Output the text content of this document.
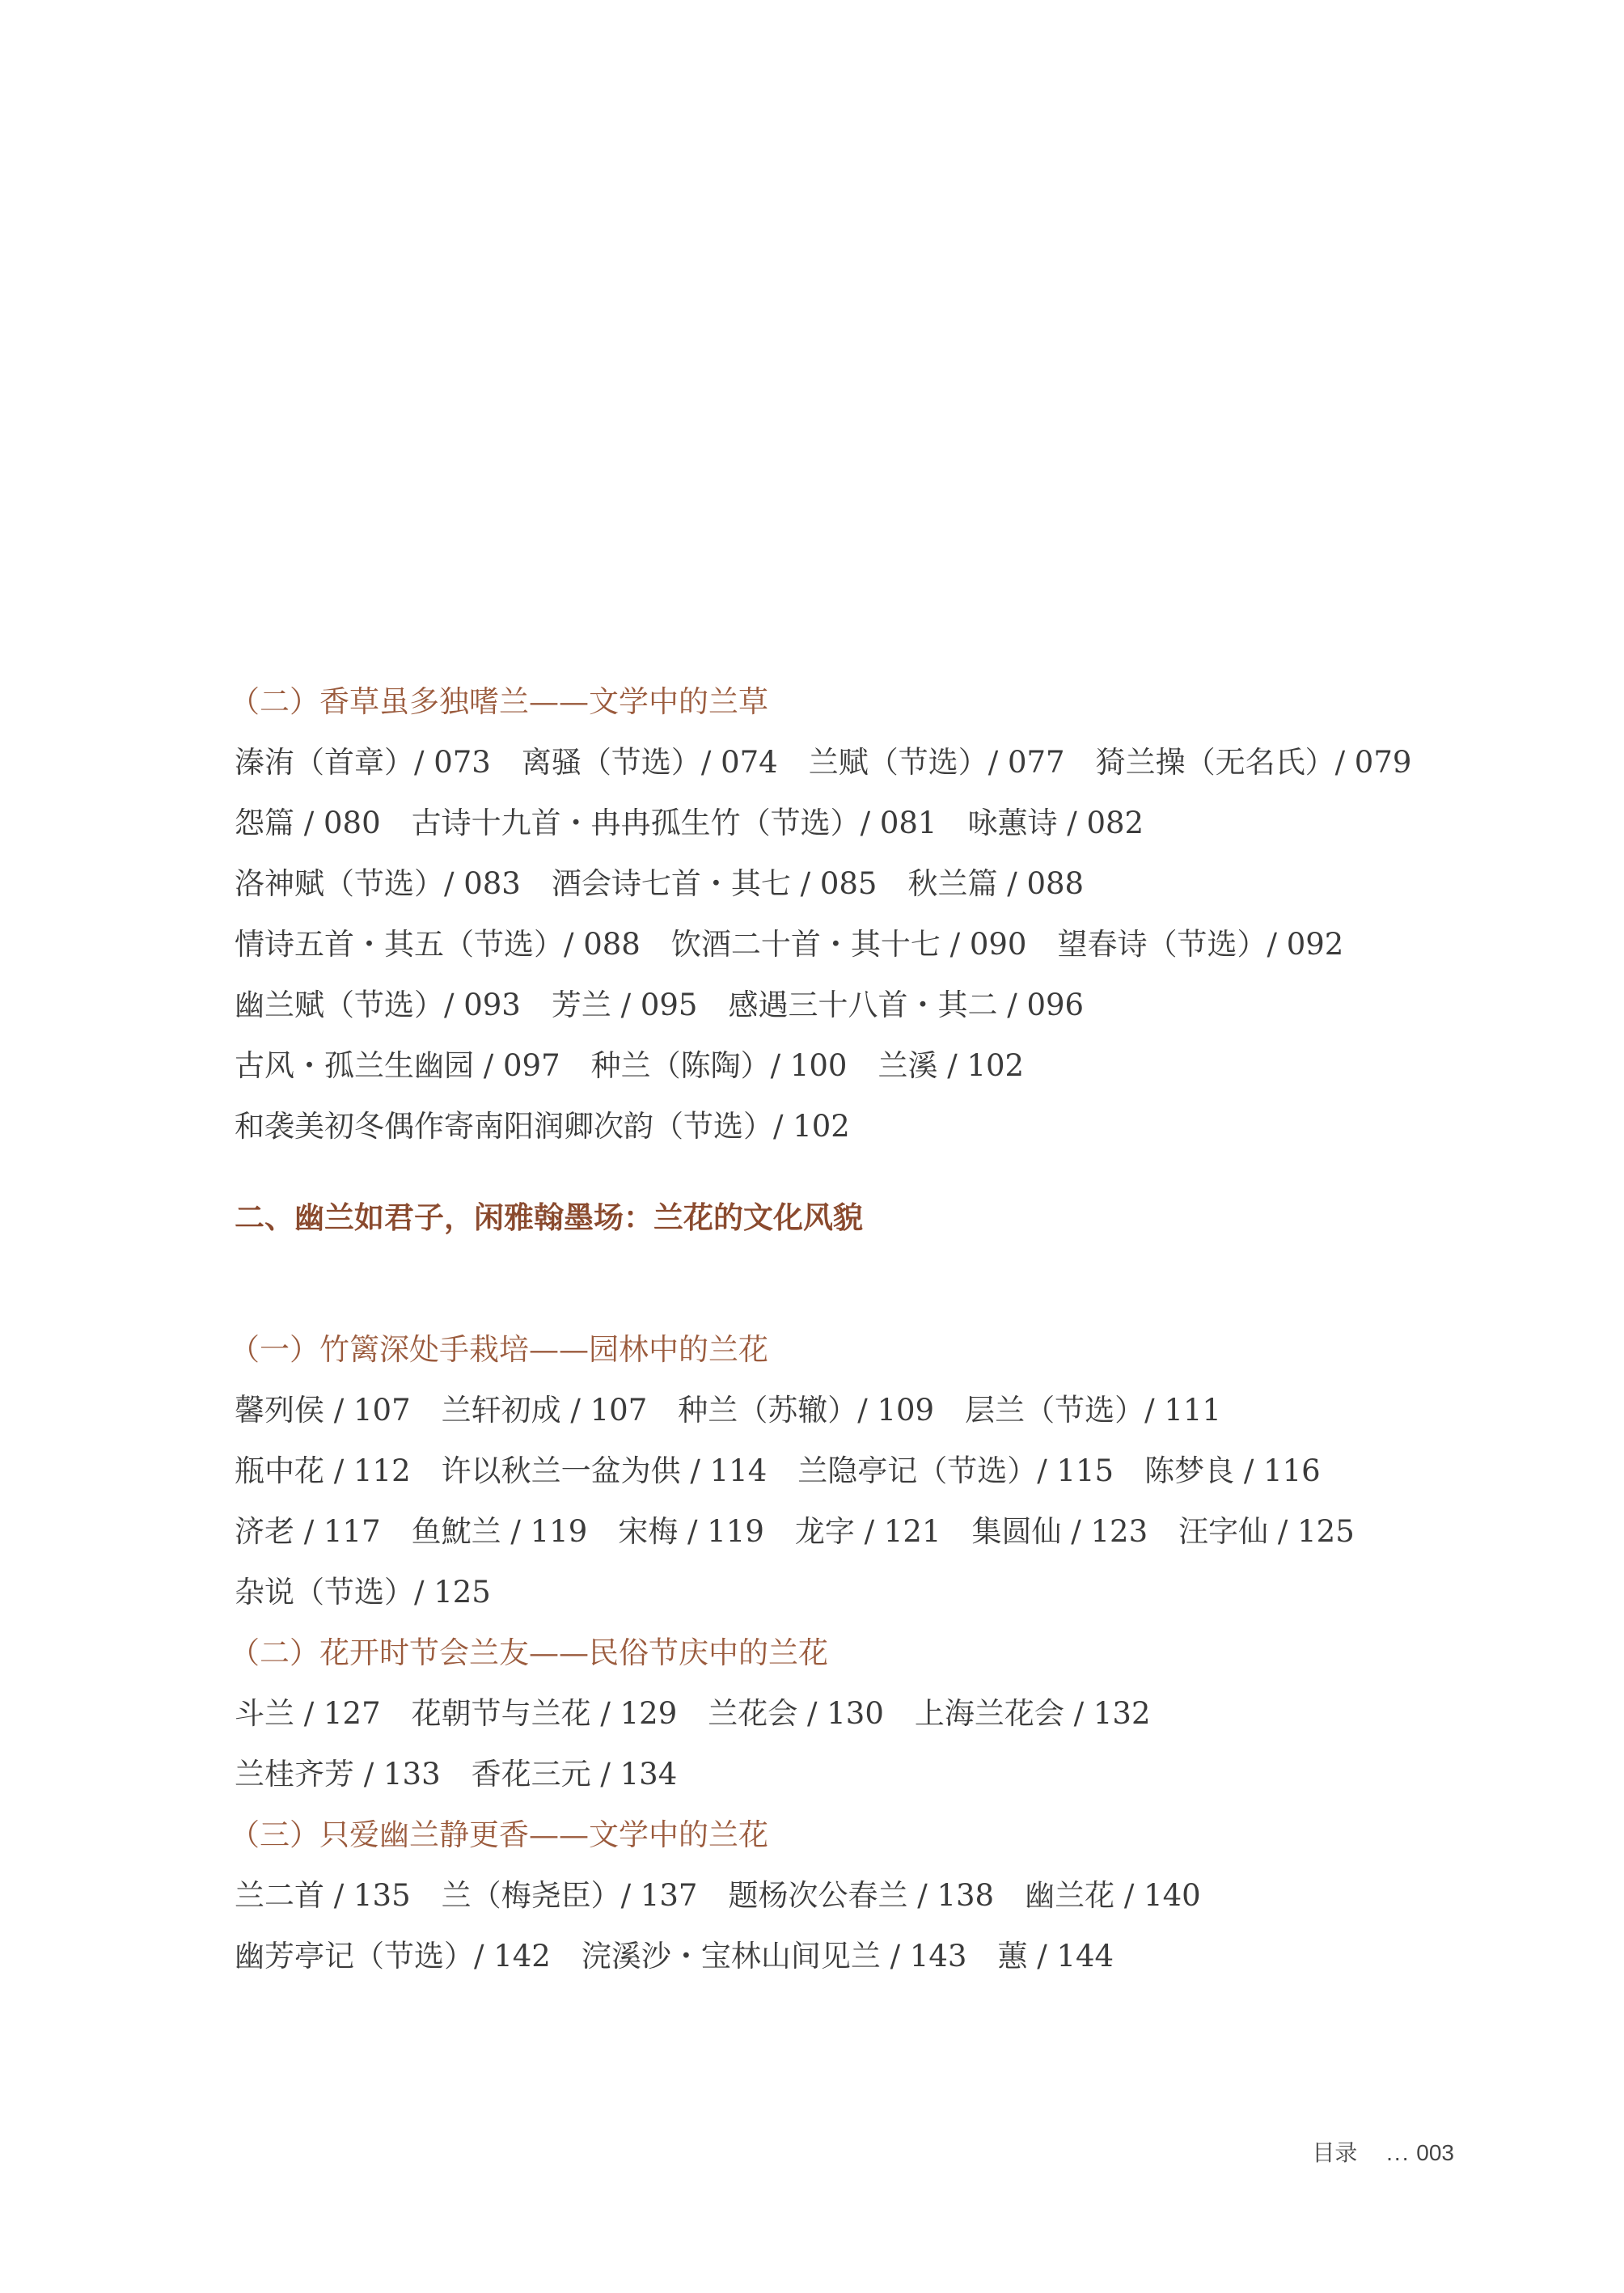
（二）香草虽多独嗜兰——文学中的兰草
溱洧（首章）/ 073 离骚（节选）/ 074 兰赋（节选）/ 077 猗兰操（无名氏）/ 079
怨篇 / 080 古诗十九首・冉冉孤生竹（节选）/ 081 咏蕙诗 / 082
洛神赋（节选）/ 083 酒会诗七首・其七 / 085 秋兰篇 / 088
情诗五首・其五（节选）/ 088 饮酒二十首・其十七 / 090 望春诗（节选）/ 092
幽兰赋（节选）/ 093 芳兰 / 095 感遇三十八首・其二 / 096
古风・孤兰生幽园 / 097 种兰（陈陶）/ 100 兰溪 / 102
和袭美初冬偶作寄南阳润卿次韵（节选）/ 102
二、幽兰如君子，闲雅翰墨场：兰花的文化风貌
（一）竹篱深处手栽培——园林中的兰花
馨列侯 / 107 兰轩初成 / 107 种兰（苏辙）/ 109 层兰（节选）/ 111
瓶中花 / 112 许以秋兰一盆为供 / 114 兰隐亭记（节选）/ 115 陈梦良 / 116
济老 / 117 鱼魫兰 / 119 宋梅 / 119 龙字 / 121 集圆仙 / 123 汪字仙 / 125
杂说（节选）/ 125
（二）花开时节会兰友——民俗节庆中的兰花
斗兰 / 127 花朝节与兰花 / 129 兰花会 / 130 上海兰花会 / 132
兰桂齐芳 / 133 香花三元 / 134
（三）只爱幽兰静更香——文学中的兰花
兰二首 / 135 兰（梅尧臣）/ 137 题杨次公春兰 / 138 幽兰花 / 140
幽芳亭记（节选）/ 142 浣溪沙・宝林山间见兰 / 143 蕙 / 144
目录 ... 003
